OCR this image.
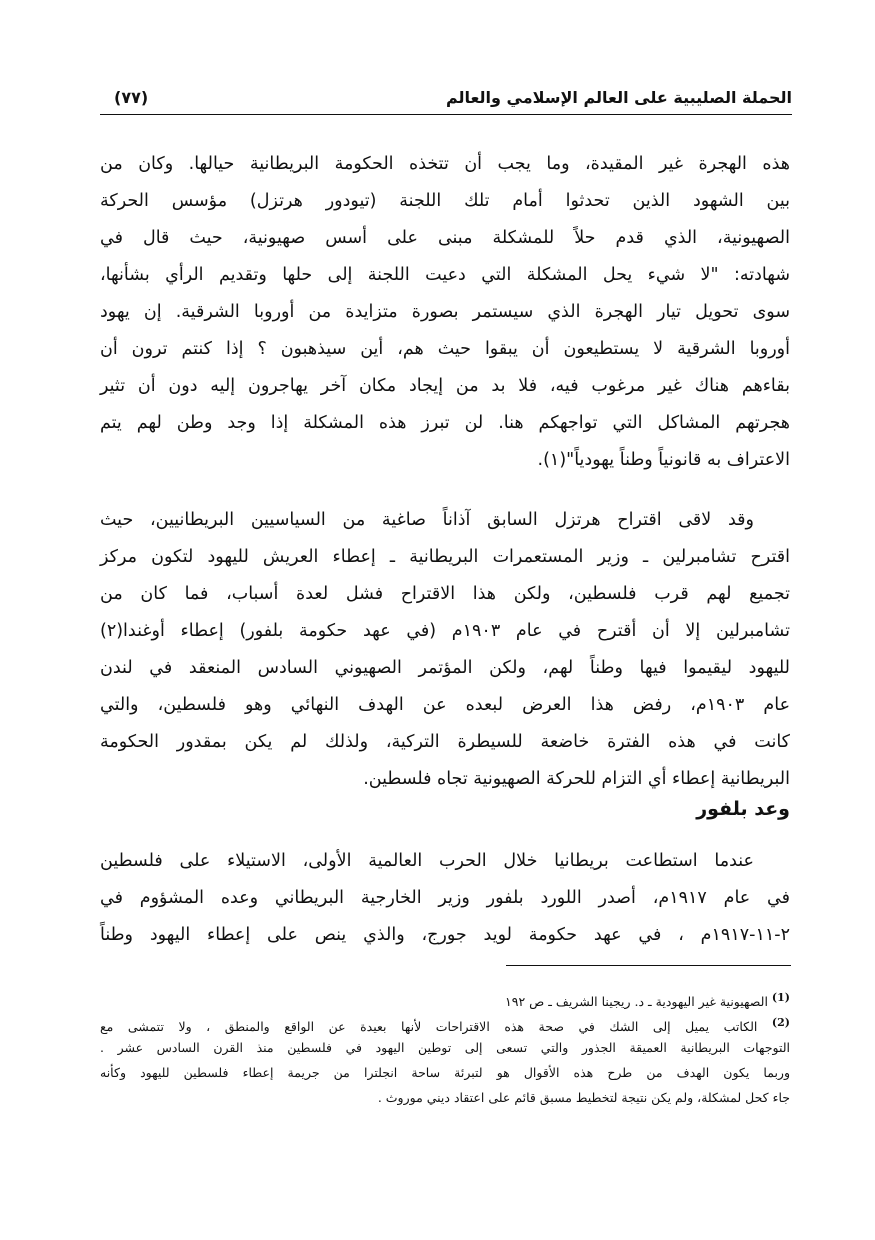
الحملة الصليبية على العالم الإسلامي والعالم
(٧٧)
هذه الهجرة غير المقيدة، وما يجب أن تتخذه الحكومة البريطانية حيالها. وكان من
بين الشهود الذين تحدثوا أمام تلك اللجنة (تيودور هرتزل) مؤسس الحركة
الصهيونية، الذي قدم حلاً للمشكلة مبنى على أسس صهيونية، حيث قال في
شهادته: "لا شيء يحل المشكلة التي دعيت اللجنة إلى حلها وتقديم الرأي بشأنها،
سوى تحويل تيار الهجرة الذي سيستمر بصورة متزايدة من أوروبا الشرقية. إن يهود
أوروبا الشرقية لا يستطيعون أن يبقوا حيث هم، أين سيذهبون ؟ إذا كنتم ترون أن
بقاءهم هناك غير مرغوب فيه، فلا بد من إيجاد مكان آخر يهاجرون إليه دون أن تثير
هجرتهم المشاكل التي تواجهكم هنا. لن تبرز هذه المشكلة إذا وجد وطن لهم يتم
الاعتراف به قانونياً وطناً يهودياً"(١).
وقد لاقى اقتراح هرتزل السابق آذاناً صاغية من السياسيين البريطانيين، حيث
اقترح تشامبرلين ـ وزير المستعمرات البريطانية ـ إعطاء العريش لليهود لتكون مركز
تجميع لهم قرب فلسطين، ولكن هذا الاقتراح فشل لعدة أسباب، فما كان من
تشامبرلين إلا أن أقترح في عام ١٩٠٣م (في عهد حكومة بلفور) إعطاء أوغندا(٢)
لليهود ليقيموا فيها وطناً لهم، ولكن المؤتمر الصهيوني السادس المنعقد في لندن
عام ١٩٠٣م، رفض هذا العرض لبعده عن الهدف النهائي وهو فلسطين، والتي
كانت في هذه الفترة خاضعة للسيطرة التركية، ولذلك لم يكن بمقدور الحكومة
البريطانية إعطاء أي التزام للحركة الصهيونية تجاه فلسطين.
وعد بلفور
عندما استطاعت بريطانيا خلال الحرب العالمية الأولى، الاستيلاء على فلسطين
في عام ١٩١٧م، أصدر اللورد بلفور وزير الخارجية البريطاني وعده المشؤوم في
٢-١١-١٩١٧م ، في عهد حكومة لويد جورج، والذي ينص على إعطاء اليهود وطناً
$^{(1)}$ الصهيونية غير اليهودية ـ د. ريجينا الشريف ـ ص ١٩٢
$^{(2)}$ الكاتب يميل إلى الشك في صحة هذه الاقتراحات لأنها بعيدة عن الواقع والمنطق ، ولا تتمشى مع
التوجهات البريطانية العميقة الجذور والتي تسعى إلى توطين اليهود في فلسطين منذ القرن السادس عشر .
وربما يكون الهدف من طرح هذه الأقوال هو لتبرئة ساحة انجلترا من جريمة إعطاء فلسطين لليهود وكأنه
جاء كحل لمشكلة، ولم يكن نتيجة لتخطيط مسبق قائم على اعتقاد ديني موروث .
